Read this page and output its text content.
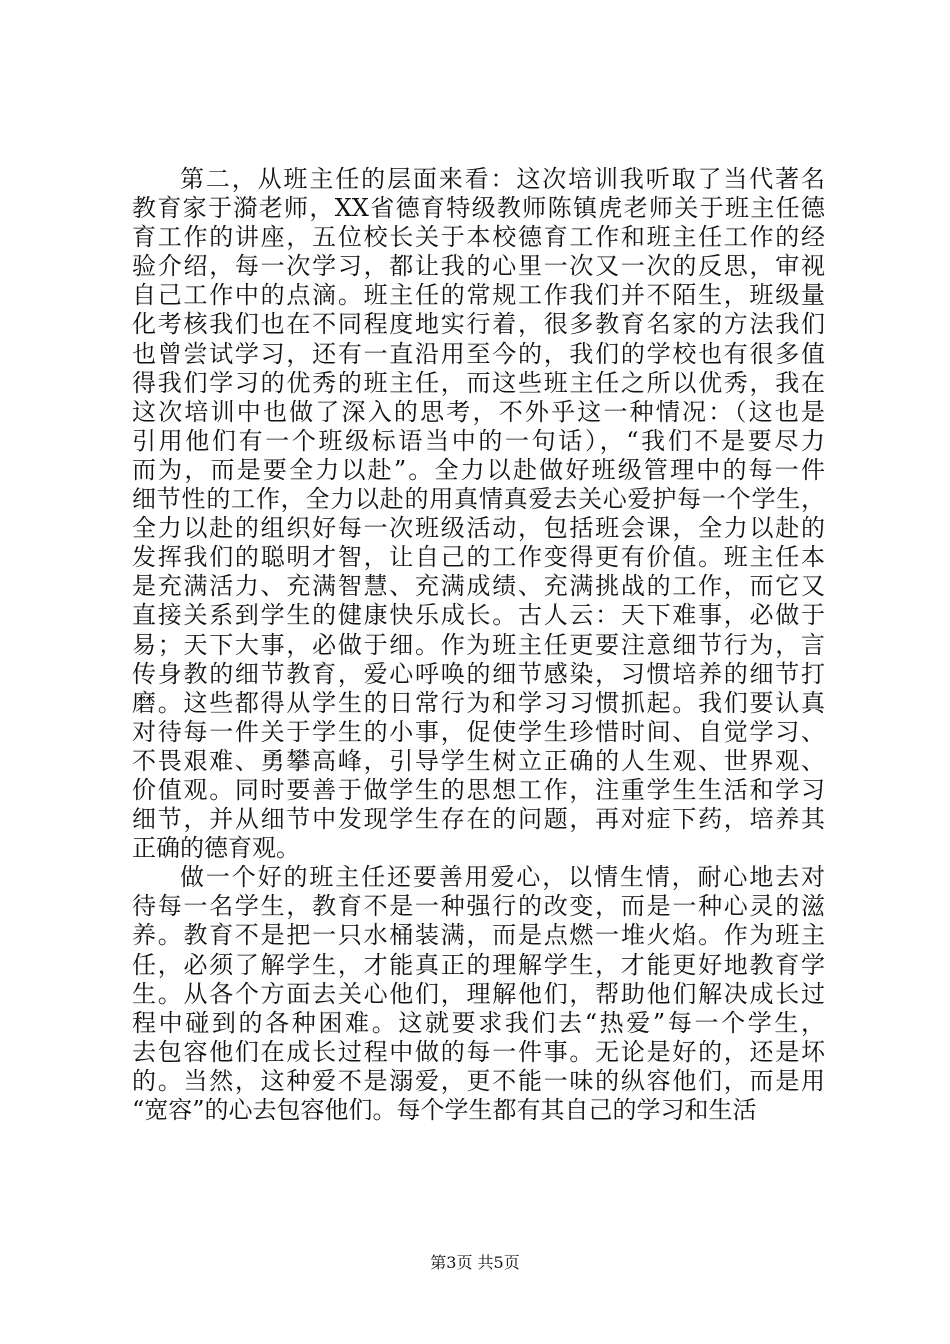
第二，从班主任的层面来看：这次培训我听取了当代著名
教育家于漪老师，XX省德育特级教师陈镇虎老师关于班主任德
育工作的讲座，五位校长关于本校德育工作和班主任工作的经
验介绍，每一次学习，都让我的心里一次又一次的反思，审视
自己工作中的点滴。班主任的常规工作我们并不陌生，班级量
化考核我们也在不同程度地实行着，很多教育名家的方法我们
也曾尝试学习，还有一直沿用至今的，我们的学校也有很多值
得我们学习的优秀的班主任，而这些班主任之所以优秀，我在
这次培训中也做了深入的思考，不外乎这一种情况：（这也是
引用他们有一个班级标语当中的一句话），“我们不是要尽力
而为，而是要全力以赴”。全力以赴做好班级管理中的每一件
细节性的工作，全力以赴的用真情真爱去关心爱护每一个学生，
全力以赴的组织好每一次班级活动，包括班会课，全力以赴的
发挥我们的聪明才智，让自己的工作变得更有价值。班主任本
是充满活力、充满智慧、充满成绩、充满挑战的工作，而它又
直接关系到学生的健康快乐成长。古人云：天下难事，必做于
易；天下大事，必做于细。作为班主任更要注意细节行为，言
传身教的细节教育，爱心呼唤的细节感染，习惯培养的细节打
磨。这些都得从学生的日常行为和学习习惯抓起。我们要认真
对待每一件关于学生的小事，促使学生珍惜时间、自觉学习、
不畏艰难、勇攀高峰，引导学生树立正确的人生观、世界观、
价值观。同时要善于做学生的思想工作，注重学生生活和学习
细节，并从细节中发现学生存在的问题，再对症下药，培养其
正确的德育观。
做一个好的班主任还要善用爱心，以情生情，耐心地去对
待每一名学生，教育不是一种强行的改变，而是一种心灵的滋
养。教育不是把一只水桶装满，而是点燃一堆火焰。作为班主
任，必须了解学生，才能真正的理解学生，才能更好地教育学
生。从各个方面去关心他们，理解他们，帮助他们解决成长过
程中碰到的各种困难。这就要求我们去“热爱”每一个学生，
去包容他们在成长过程中做的每一件事。无论是好的，还是坏
的。当然，这种爱不是溺爱，更不能一味的纵容他们，而是用
“宽容”的心去包容他们。每个学生都有其自己的学习和生活
第3页 共5页
